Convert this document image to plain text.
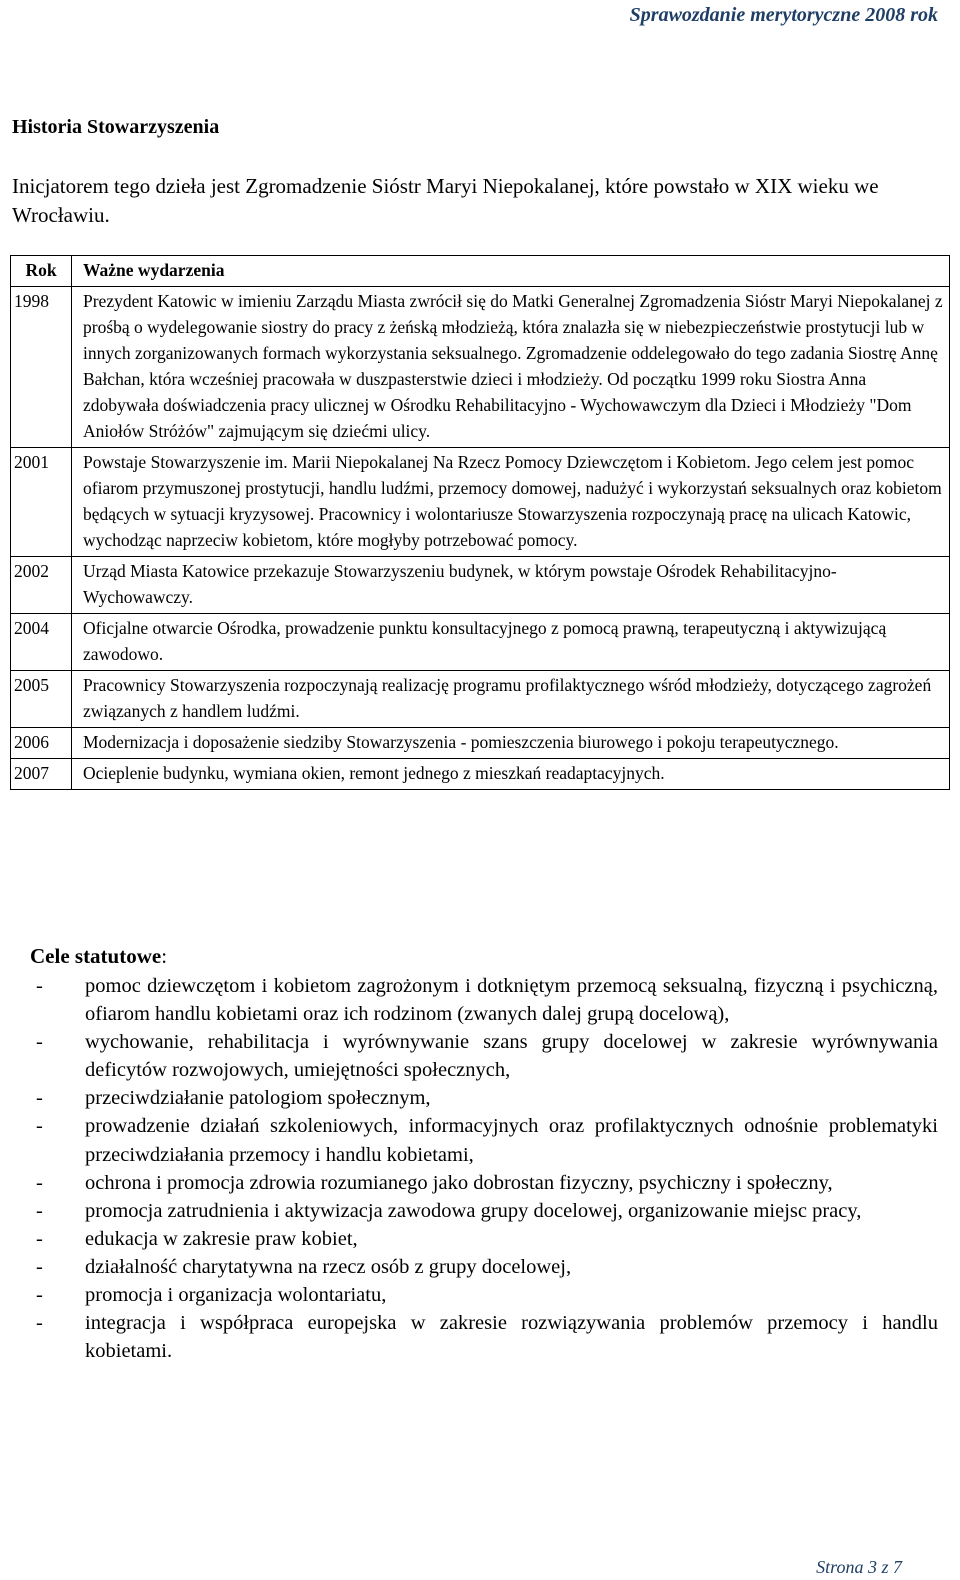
Sprawozdanie merytoryczne 2008 rok
Historia Stowarzyszenia

Inicjatorem tego dzieła jest Zgromadzenie Sióstr Maryi Niepokalanej, które powstało w XIX wieku we Wrocławiu.

Rok	Ważne wydarzenia
1998	Prezydent Katowic w imieniu Zarządu Miasta zwrócił się do Matki Generalnej Zgromadzenia Sióstr Maryi Niepokalanej z prośbą o wydelegowanie siostry do pracy z żeńską młodzieżą, która znalazła się w niebezpieczeństwie prostytucji lub w innych zorganizowanych formach wykorzystania seksualnego. Zgromadzenie oddelegowało do tego zadania Siostrę Annę Bałchan, która wcześniej pracowała w duszpasterstwie dzieci i młodzieży. Od początku 1999 roku Siostra Anna zdobywała doświadczenia pracy ulicznej w Ośrodku Rehabilitacyjno - Wychowawczym dla Dzieci i Młodzieży "Dom Aniołów Stróżów" zajmującym się dziećmi ulicy.
2001	Powstaje Stowarzyszenie im. Marii Niepokalanej Na Rzecz Pomocy Dziewczętom i Kobietom. Jego celem jest pomoc ofiarom przymuszonej prostytucji, handlu ludźmi, przemocy domowej, nadużyć i wykorzystań seksualnych oraz kobietom będących w sytuacji kryzysowej. Pracownicy i wolontariusze Stowarzyszenia rozpoczynają pracę na ulicach Katowic, wychodząc naprzeciw kobietom, które mogłyby potrzebować pomocy.
2002	Urząd Miasta Katowice przekazuje Stowarzyszeniu budynek, w którym powstaje Ośrodek Rehabilitacyjno-Wychowawczy.
2004	Oficjalne otwarcie Ośrodka, prowadzenie punktu konsultacyjnego z pomocą prawną, terapeutyczną i aktywizującą zawodowo.
2005	Pracownicy Stowarzyszenia rozpoczynają realizację programu profilaktycznego wśród młodzieży, dotyczącego zagrożeń związanych z handlem ludźmi.
2006	Modernizacja i doposażenie siedziby Stowarzyszenia - pomieszczenia biurowego i pokoju terapeutycznego.
2007	Ocieplenie budynku, wymiana okien, remont jednego z mieszkań readaptacyjnych.

Cele statutowe:

- pomoc dziewczętom i kobietom zagrożonym i dotkniętym przemocą seksualną, fizyczną i psychiczną, ofiarom handlu kobietami oraz ich rodzinom (zwanych dalej grupą docelową),
- wychowanie, rehabilitacja i wyrównywanie szans grupy docelowej w zakresie wyrównywania deficytów rozwojowych, umiejętności społecznych,
- przeciwdziałanie patologiom społecznym,
- prowadzenie działań szkoleniowych, informacyjnych oraz profilaktycznych odnośnie problematyki przeciwdziałania przemocy i handlu kobietami,
- ochrona i promocja zdrowia rozumianego jako dobrostan fizyczny, psychiczny i społeczny,
- promocja zatrudnienia i aktywizacja zawodowa grupy docelowej, organizowanie miejsc pracy,
- edukacja w zakresie praw kobiet,
- działalność charytatywna na rzecz osób z grupy docelowej,
- promocja i organizacja wolontariatu,
- integracja i współpraca europejska w zakresie rozwiązywania problemów przemocy i handlu kobietami.
Strona 3 z 7
